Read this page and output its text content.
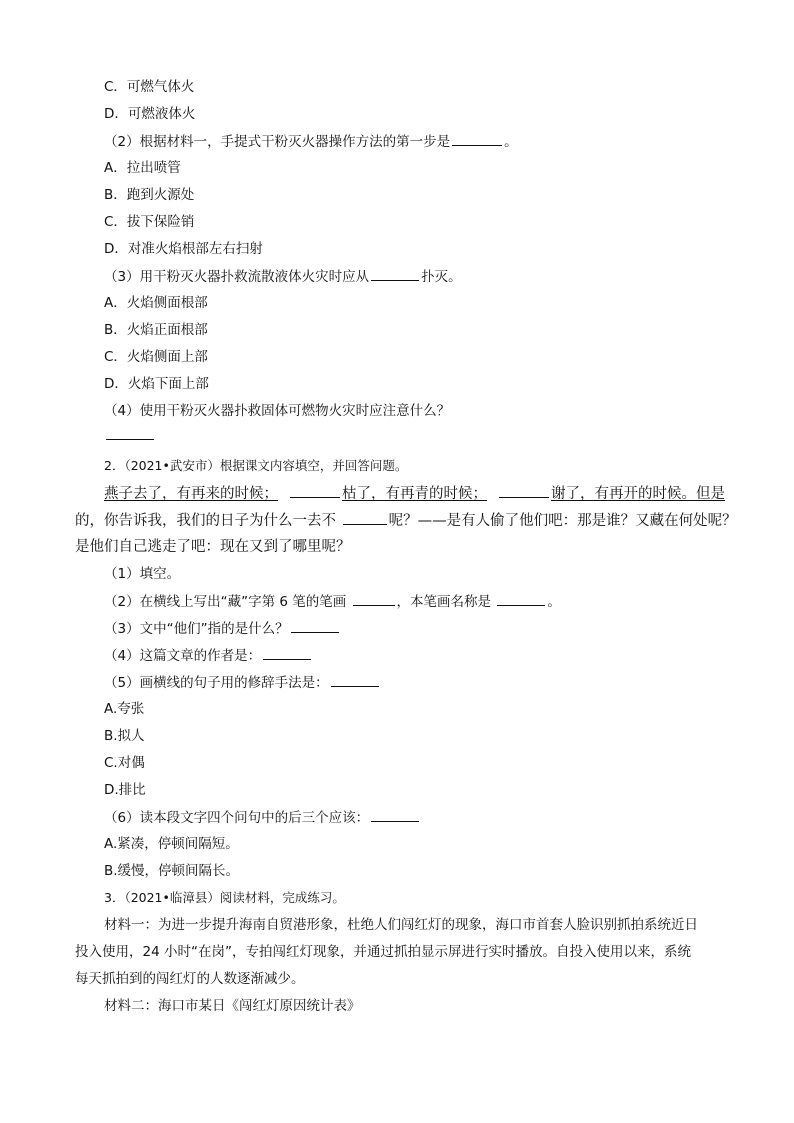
C．可燃气体火
D．可燃液体火
（2）根据材料一，手提式干粉灭火器操作方法的第一步是	。
A．拉出喷管
B．跑到火源处
C．拔下保险销
D．对准火焰根部左右扫射
（3）用干粉灭火器扑救流散液体火灾时应从	扑灭。
A．火焰侧面根部
B．火焰正面根部
C．火焰侧面上部
D．火焰下面上部
（4）使用干粉灭火器扑救固体可燃物火灾时应注意什么？
2．（2021•武安市）根据课文内容填空，并回答问题。
燕子去了，有再来的时候；	枯了，有再青的时候；	谢了，有再开的时候。但是
的，你告诉我，我们的日子为什么一去不	呢？——是有人偷了他们吧：那是谁？又藏在何处呢？
是他们自己逃走了吧：现在又到了哪里呢？
（1）填空。
（2）在横线上写出“藏”字第 6 笔的笔画	，本笔画名称是	。
（3）文中“他们”指的是什么？
（4）这篇文章的作者是：
（5）画横线的句子用的修辞手法是：
A.夸张
B.拟人
C.对偶
D.排比
（6）读本段文字四个问句中的后三个应该：
A.紧凑，停顿间隔短。
B.缓慢，停顿间隔长。
3．（2021•临漳县）阅读材料，完成练习。
材料一：为进一步提升海南自贸港形象，杜绝人们闯红灯的现象，海口市首套人脸识别抓拍系统近日
投入使用，24 小时“在岗”，专拍闯红灯现象，并通过抓拍显示屏进行实时播放。自投入使用以来，系统
每天抓拍到的闯红灯的人数逐渐减少。
材料二：海口市某日《闯红灯原因统计表》
